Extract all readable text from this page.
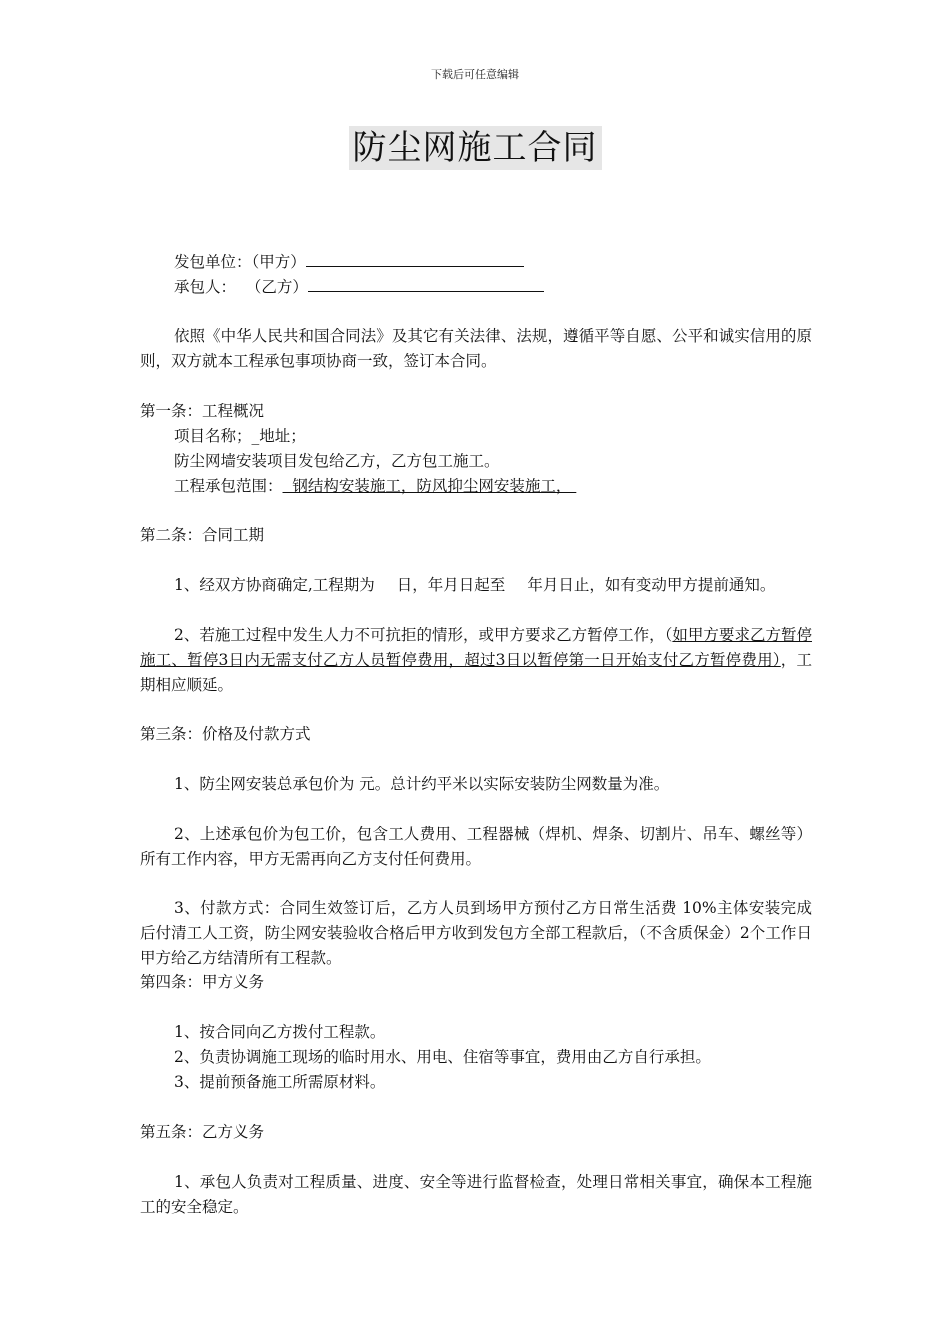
下载后可任意编辑
防尘网施工合同
发包单位：（甲方）
承包人：  （乙方）
依照《中华人民共和国合同法》及其它有关法律、法规，遵循平等自愿、公平和诚实信用的原则，双方就本工程承包事项协商一致，签订本合同。
第一条：工程概况
项目名称；_地址；
防尘网墙安装项目发包给乙方，乙方包工施工。
工程承包范围：  钢结构安装施工，防风抑尘网安装施工，
第二条：合同工期
1、经双方协商确定,工程期为 日，年月日起至 年月日止，如有变动甲方提前通知。
2、若施工过程中发生人力不可抗拒的情形，或甲方要求乙方暂停工作，（如甲方要求乙方暂停施工、暂停3日内无需支付乙方人员暂停费用，超过3日以暂停第一日开始支付乙方暂停费用），工期相应顺延。
第三条：价格及付款方式
1、防尘网安装总承包价为 元。总计约平米以实际安装防尘网数量为准。
2、上述承包价为包工价，包含工人费用、工程器械（焊机、焊条、切割片、吊车、螺丝等）所有工作内容，甲方无需再向乙方支付任何费用。
3、付款方式：合同生效签订后，乙方人员到场甲方预付乙方日常生活费 10%主体安装完成后付清工人工资，防尘网安装验收合格后甲方收到发包方全部工程款后，（不含质保金）2个工作日甲方给乙方结清所有工程款。
第四条：甲方义务
1、按合同向乙方拨付工程款。
2、负责协调施工现场的临时用水、用电、住宿等事宜，费用由乙方自行承担。
3、提前预备施工所需原材料。
第五条：乙方义务
1、承包人负责对工程质量、进度、安全等进行监督检查，处理日常相关事宜，确保本工程施工的安全稳定。
